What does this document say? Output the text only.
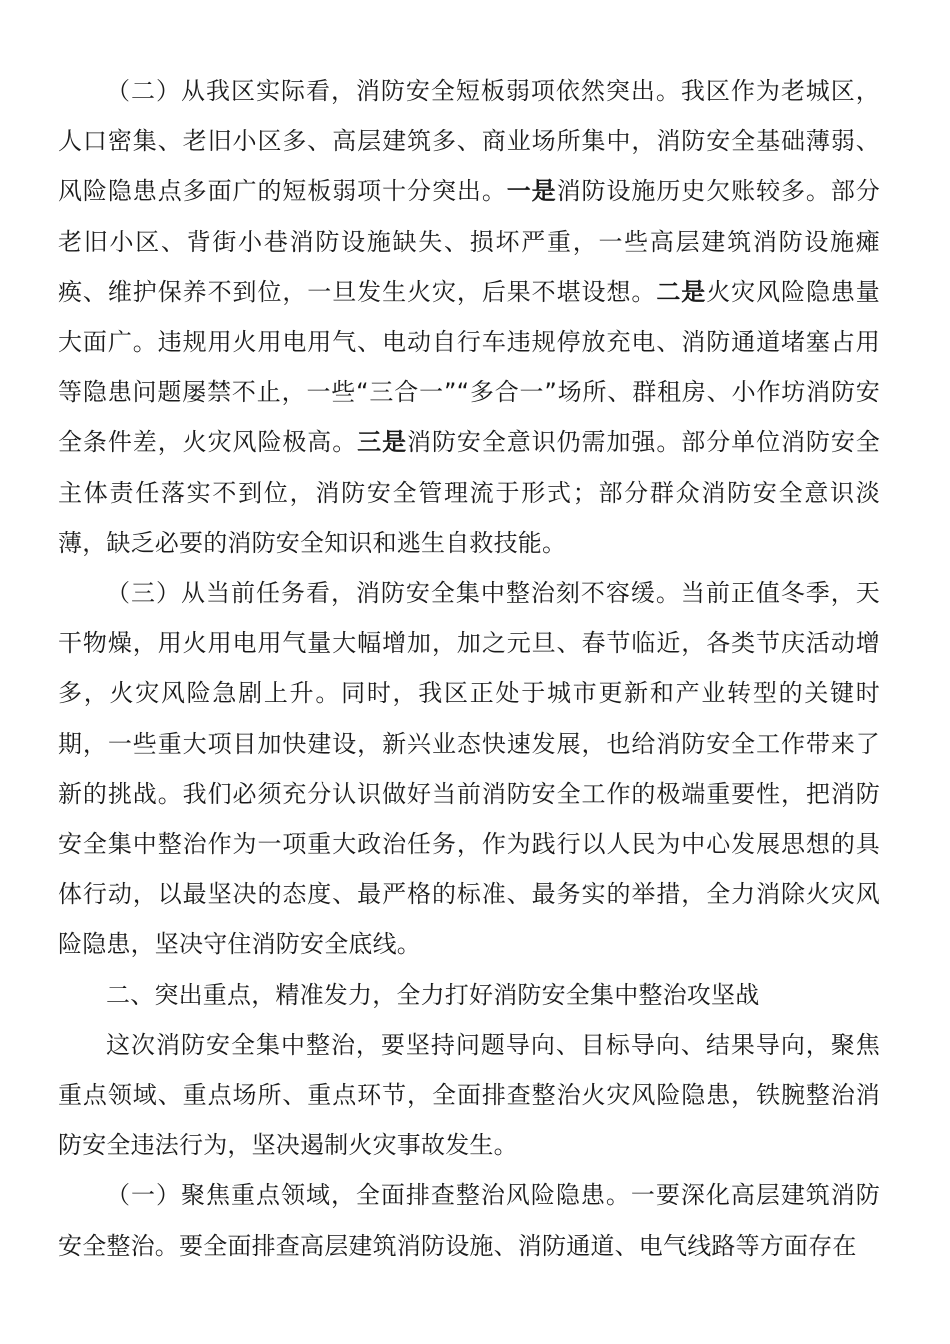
（二）从我区实际看，消防安全短板弱项依然突出。我区作为老城区，人口密集、老旧小区多、高层建筑多、商业场所集中，消防安全基础薄弱、风险隐患点多面广的短板弱项十分突出。一是消防设施历史欠账较多。部分老旧小区、背街小巷消防设施缺失、损坏严重，一些高层建筑消防设施瘫痪、维护保养不到位，一旦发生火灾，后果不堪设想。二是火灾风险隐患量大面广。违规用火用电用气、电动自行车违规停放充电、消防通道堵塞占用等隐患问题屡禁不止，一些“三合一”“多合一”场所、群租房、小作坊消防安全条件差，火灾风险极高。三是消防安全意识仍需加强。部分单位消防安全主体责任落实不到位，消防安全管理流于形式；部分群众消防安全意识淡薄，缺乏必要的消防安全知识和逃生自救技能。

（三）从当前任务看，消防安全集中整治刻不容缓。当前正值冬季，天干物燥，用火用电用气量大幅增加，加之元旦、春节临近，各类节庆活动增多，火灾风险急剧上升。同时，我区正处于城市更新和产业转型的关键时期，一些重大项目加快建设，新兴业态快速发展，也给消防安全工作带来了新的挑战。我们必须充分认识做好当前消防安全工作的极端重要性，把消防安全集中整治作为一项重大政治任务，作为践行以人民为中心发展思想的具体行动，以最坚决的态度、最严格的标准、最务实的举措，全力消除火灾风险隐患，坚决守住消防安全底线。

二、突出重点，精准发力，全力打好消防安全集中整治攻坚战

这次消防安全集中整治，要坚持问题导向、目标导向、结果导向，聚焦重点领域、重点场所、重点环节，全面排查整治火灾风险隐患，铁腕整治消防安全违法行为，坚决遏制火灾事故发生。

（一）聚焦重点领域，全面排查整治风险隐患。一要深化高层建筑消防安全整治。要全面排查高层建筑消防设施、消防通道、电气线路等方面存在
